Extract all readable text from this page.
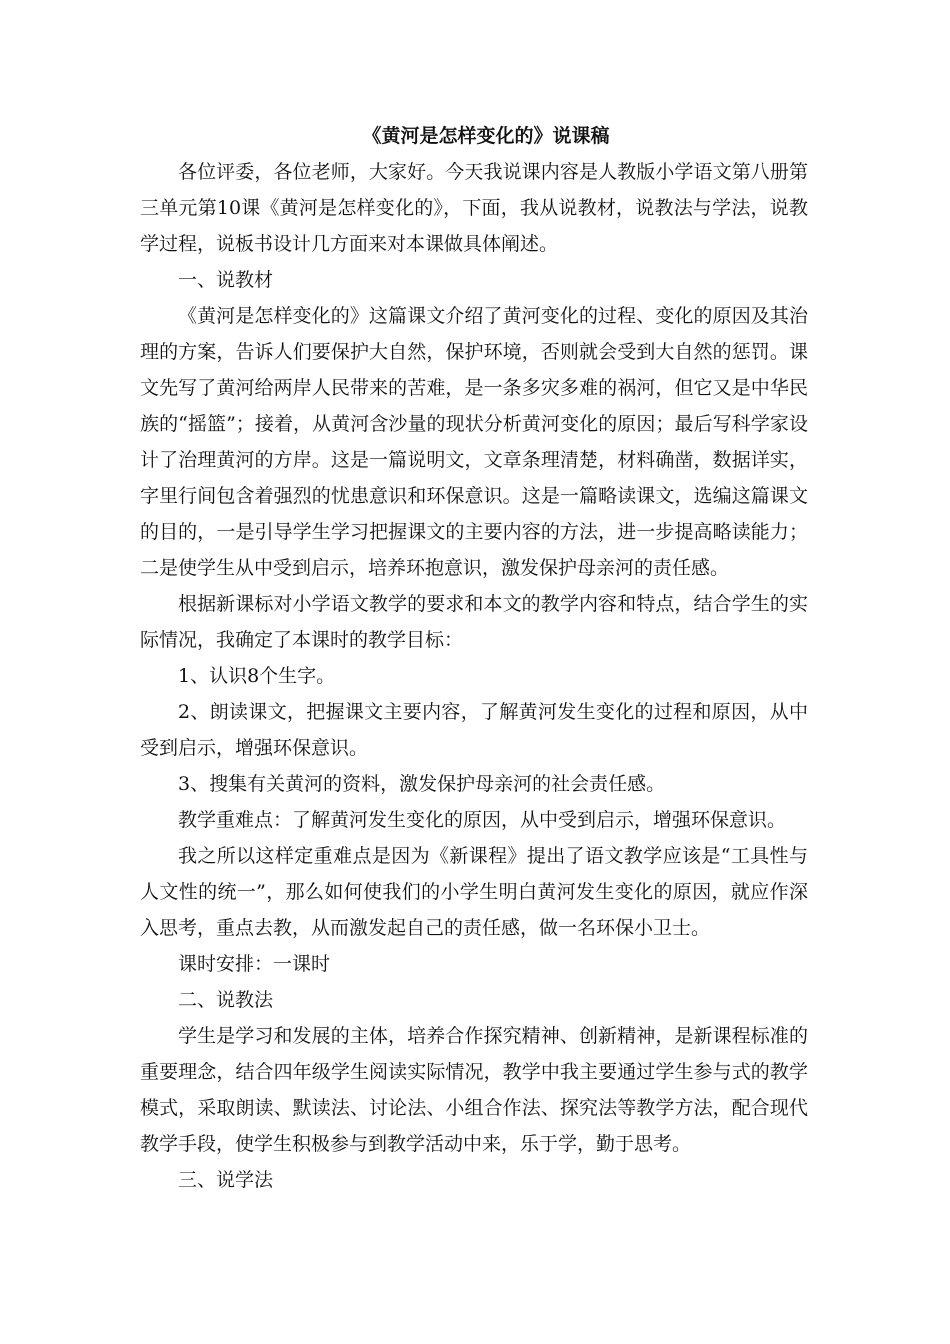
《黄河是怎样变化的》说课稿

各位评委，各位老师，大家好。今天我说课内容是人教版小学语文第八册第三单元第10课《黄河是怎样变化的》，下面，我从说教材，说教法与学法，说教学过程，说板书设计几方面来对本课做具体阐述。

一、说教材

《黄河是怎样变化的》这篇课文介绍了黄河变化的过程、变化的原因及其治理的方案，告诉人们要保护大自然，保护环境，否则就会受到大自然的惩罚。课文先写了黄河给两岸人民带来的苦难，是一条多灾多难的祸河，但它又是中华民族的“摇篮”；接着，从黄河含沙量的现状分析黄河变化的原因；最后写科学家设计了治理黄河的方岸。这是一篇说明文，文章条理清楚，材料确凿，数据详实，字里行间包含着强烈的忧患意识和环保意识。这是一篇略读课文，选编这篇课文的目的，一是引导学生学习把握课文的主要内容的方法，进一步提高略读能力；二是使学生从中受到启示，培养环抱意识，激发保护母亲河的责任感。

根据新课标对小学语文教学的要求和本文的教学内容和特点，结合学生的实际情况，我确定了本课时的教学目标：

1、认识8个生字。

2、朗读课文，把握课文主要内容，了解黄河发生变化的过程和原因，从中受到启示，增强环保意识。

3、搜集有关黄河的资料，激发保护母亲河的社会责任感。

教学重难点：了解黄河发生变化的原因，从中受到启示，增强环保意识。

我之所以这样定重难点是因为《新课程》提出了语文教学应该是“工具性与人文性的统一”，那么如何使我们的小学生明白黄河发生变化的原因，就应作深入思考，重点去教，从而激发起自己的责任感，做一名环保小卫士。

课时安排：一课时

二、说教法

学生是学习和发展的主体，培养合作探究精神、创新精神，是新课程标准的重要理念，结合四年级学生阅读实际情况，教学中我主要通过学生参与式的教学模式，采取朗读、默读法、讨论法、小组合作法、探究法等教学方法，配合现代教学手段，使学生积极参与到教学活动中来，乐于学，勤于思考。

三、说学法
